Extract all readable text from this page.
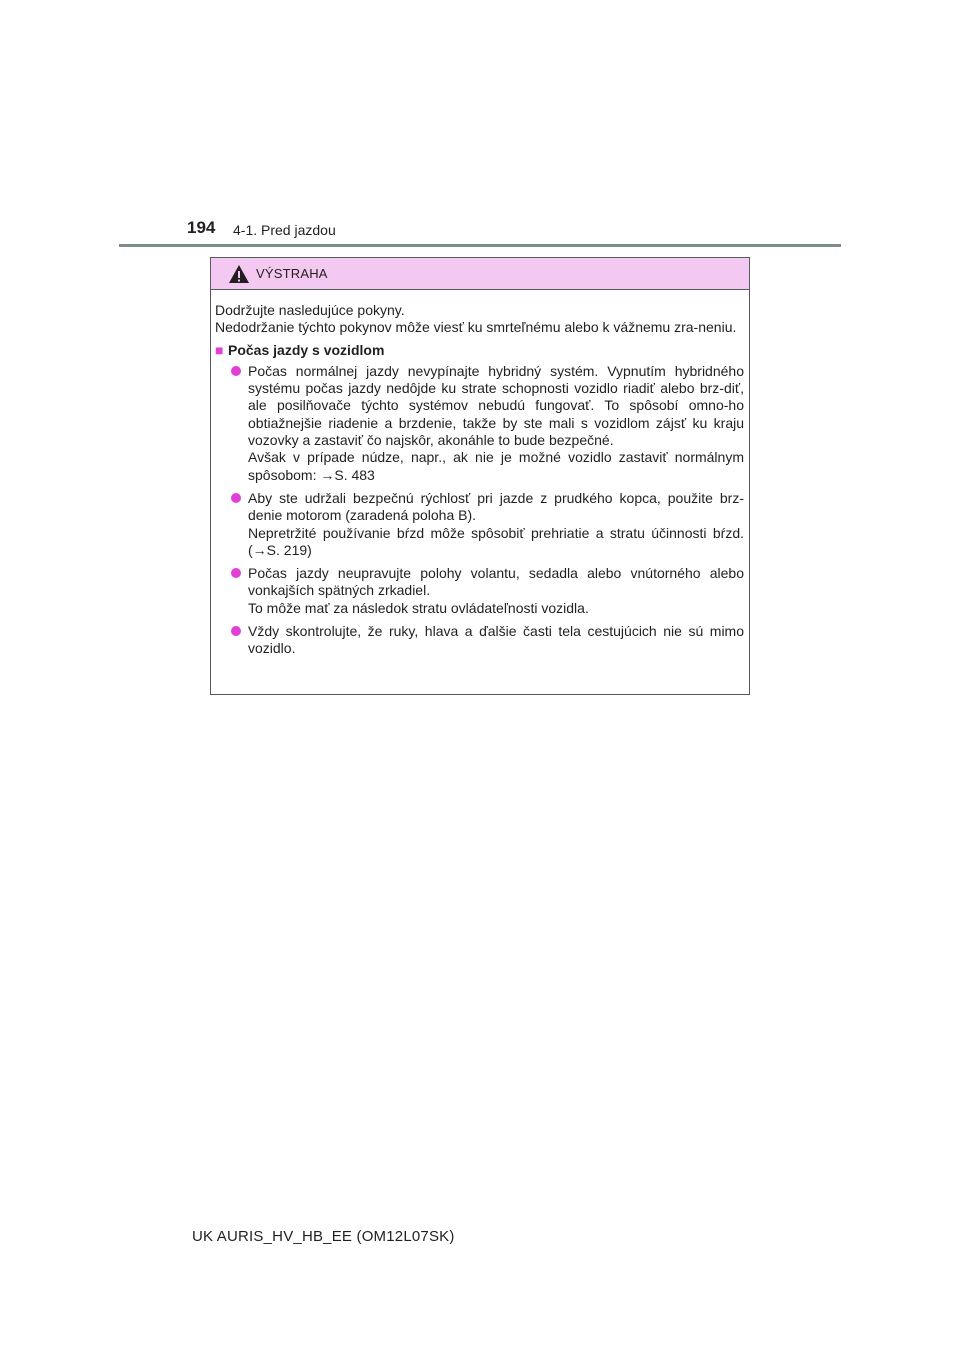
194 4-1. Pred jazdou
VÝSTRAHA

Dodržujte nasledujúce pokyny.

Nedodržanie týchto pokynov môže viesť ku smrteľnému alebo k vážnemu zra-neniu.

■ Počas jazdy s vozidlom

Počas normálnej jazdy nevypínajte hybridný systém. Vypnutím hybridného systému počas jazdy nedôjde ku strate schopnosti vozidlo riadiť alebo brz-diť, ale posilňovače týchto systémov nebudú fungovať. To spôsobí omno-ho obtiažnejšie riadenie a brzdenie, takže by ste mali s vozidlom zájsť ku kraju vozovky a zastaviť čo najskôr, akonáhle to bude bezpečné.

Avšak v prípade núdze, napr., ak nie je možné vozidlo zastaviť normálnym spôsobom: →S. 483

Aby ste udržali bezpečnú rýchlosť pri jazde z prudkého kopca, použite brz-denie motorom (zaradená poloha B).

Nepretržité používanie bŕzd môže spôsobiť prehriatie a stratu účinnosti bŕzd. (→S. 219)

Počas jazdy neupravujte polohy volantu, sedadla alebo vnútorného alebo vonkajších spätných zrkadiel.

To môže mať za následok stratu ovládateľnosti vozidla.

Vždy skontrolujte, že ruky, hlava a ďalšie časti tela cestujúcich nie sú mimo vozidlo.

UK AURIS_HV_HB_EE (OM12L07SK)
